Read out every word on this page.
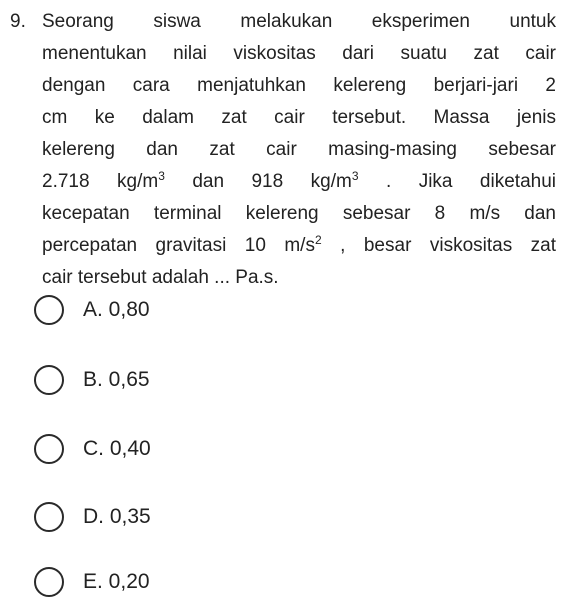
9. Seorang siswa melakukan eksperimen untuk
menentukan nilai viskositas dari suatu zat cair
dengan cara menjatuhkan kelereng berjari-jari 2
cm ke dalam zat cair tersebut. Massa jenis
kelereng dan zat cair masing-masing sebesar
2.718 $kg/m^3$ dan 918 $kg/m^3$ . Jika diketahui
kecepatan terminal kelereng sebesar 8 m/s dan
percepatan gravitasi 10 $m/s^2$ , besar viskositas zat
cair tersebut adalah ... Pa.s.
A. 0,80
B. 0,65
C. 0,40
D. 0,35
E. 0,20
